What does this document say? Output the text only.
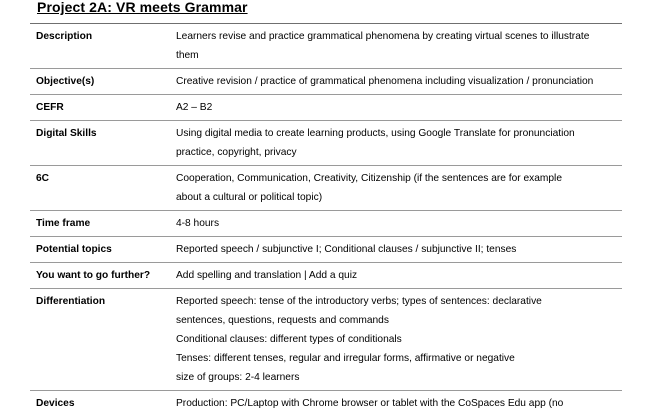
Project 2A: VR meets Grammar
Description	Learners revise and practice grammatical phenomena by creating virtual scenes to illustrate
them

Objective(s)	Creative revision / practice of grammatical phenomena including visualization / pronunciation

CEFR	A2 – B2

Digital Skills	Using digital media to create learning products, using Google Translate for pronunciation
practice, copyright, privacy

6C	Cooperation, Communication, Creativity, Citizenship (if the sentences are for example
about a cultural or political topic)

Time frame	4-8 hours

Potential topics	Reported speech / subjunctive I; Conditional clauses / subjunctive II; tenses

You want to go further?	Add spelling and translation | Add a quiz

Differentiation	Reported speech: tense of the introductory verbs; types of sentences: declarative
sentences, questions, requests and commands
Conditional clauses: different types of conditionals
Tenses: different tenses, regular and irregular forms, affirmative or negative
size of groups: 2-4 learners

Devices	Production: PC/Laptop with Chrome browser or tablet with the CoSpaces Edu app (no
